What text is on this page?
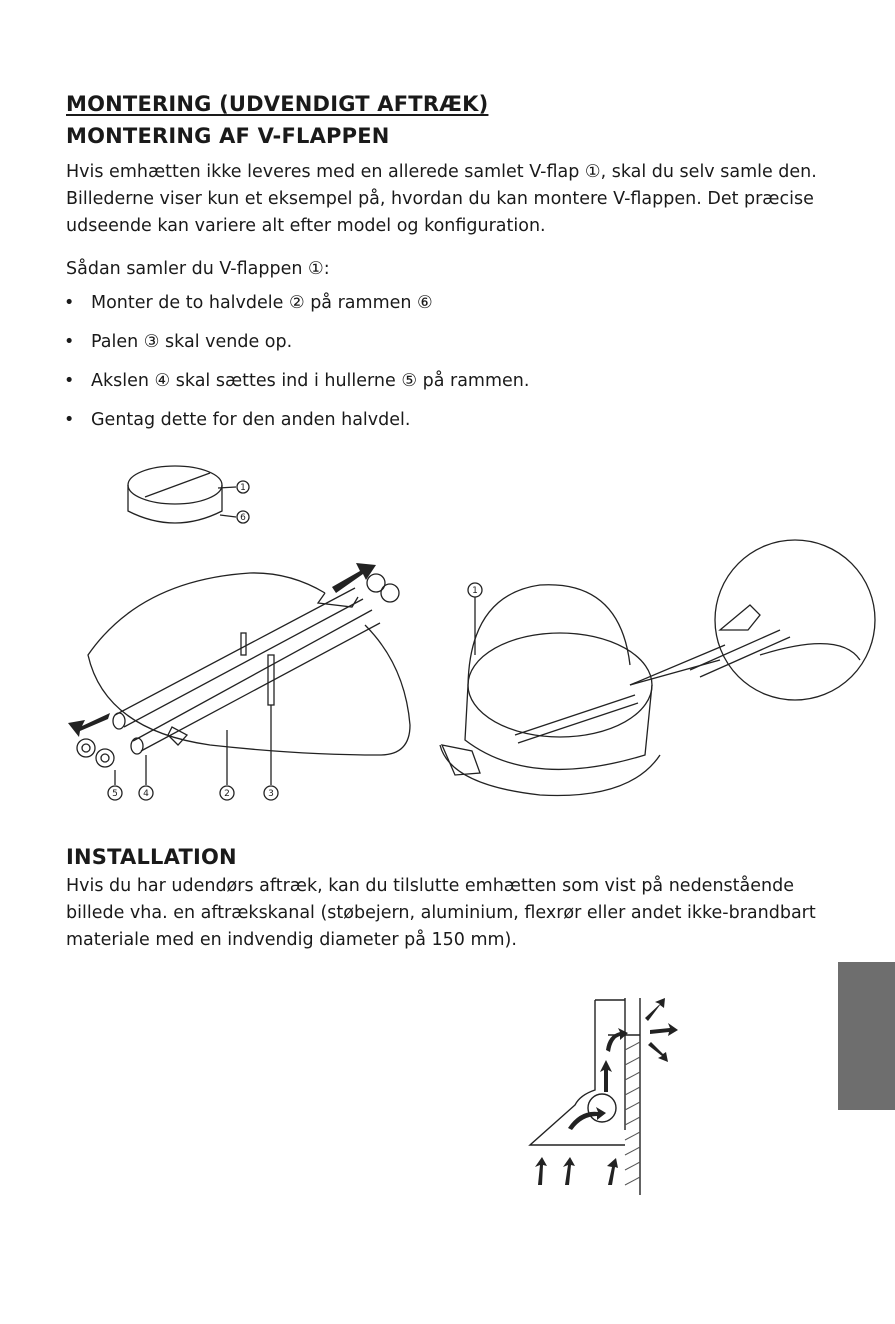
MONTERING (UDVENDIGT AFTRÆK)
MONTERING AF V-FLAPPEN
Hvis emhætten ikke leveres med en allerede samlet V-flap ①, skal du selv samle den. Billederne viser kun et eksempel på, hvordan du kan montere V-flappen. Det præcise udseende kan variere alt efter model og konfiguration.
Sådan samler du V-flappen ①:
• Monter de to halvdele ② på rammen ⑥
• Palen ③ skal vende op.
• Akslen ④ skal sættes ind i hullerne ⑤ på rammen.
• Gentag dette for den anden halvdel.
1
6
5	4	2	3
1
INSTALLATION
Hvis du har udendørs aftræk, kan du tilslutte emhætten som vist på nedenstående billede vha. en aftrækskanal (støbejern, aluminium, flexrør eller andet ikke-brandbart materiale med en indvendig diameter på 150 mm).
